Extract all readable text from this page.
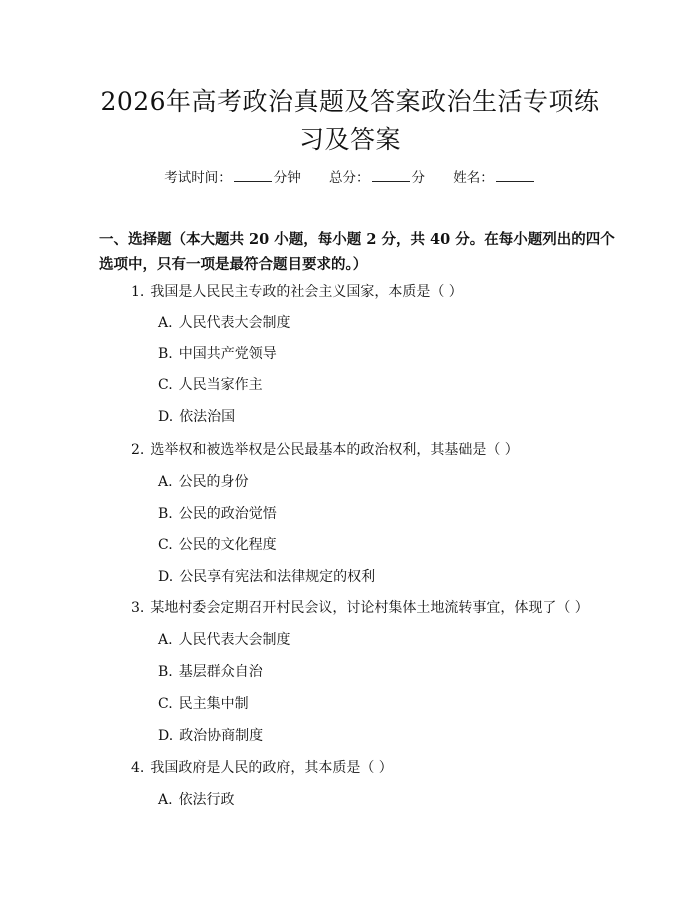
2026年高考政治真题及答案政治生活专项练
习及答案
考试时间：	分钟 总分：	分 姓名：
一、选择题（本大题共 20 小题，每小题 2 分，共 40 分。在每小题列出的四个选项中，只有一项是最符合题目要求的。）
1. 我国是人民民主专政的社会主义国家，本质是（ ）
A. 人民代表大会制度
B. 中国共产党领导
C. 人民当家作主
D. 依法治国
2. 选举权和被选举权是公民最基本的政治权利，其基础是（ ）
A. 公民的身份
B. 公民的政治觉悟
C. 公民的文化程度
D. 公民享有宪法和法律规定的权利
3. 某地村委会定期召开村民会议，讨论村集体土地流转事宜，体现了（ ）
A. 人民代表大会制度
B. 基层群众自治
C. 民主集中制
D. 政治协商制度
4. 我国政府是人民的政府，其本质是（ ）
A. 依法行政
